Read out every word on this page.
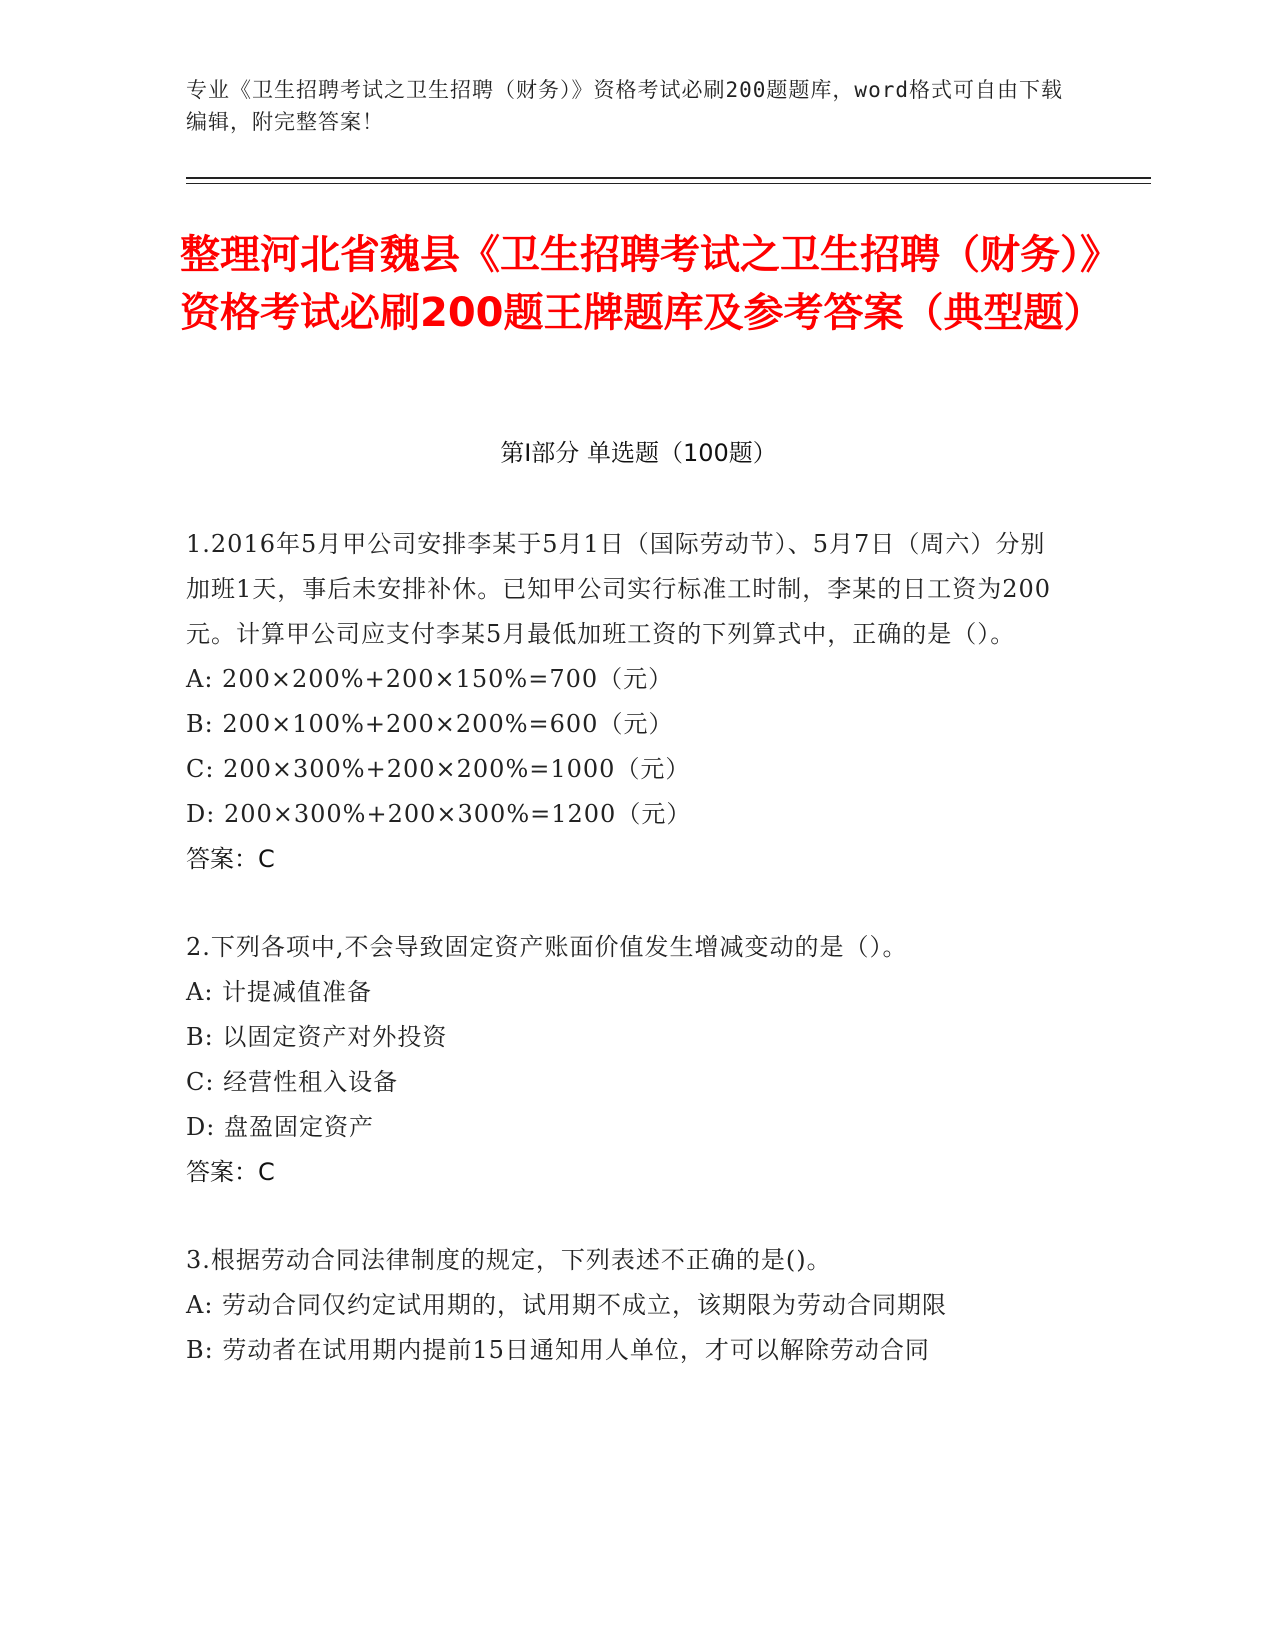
专业《卫生招聘考试之卫生招聘（财务）》资格考试必刷200题题库，word格式可自由下载编辑，附完整答案！
整理河北省魏县《卫生招聘考试之卫生招聘（财务）》资格考试必刷200题王牌题库及参考答案（典型题）
第Ⅰ部分 单选题（100题）

1.2016年5月甲公司安排李某于5月1日（国际劳动节）、5月7日（周六）分别加班1天，事后未安排补休。已知甲公司实行标准工时制，李某的日工资为200元。计算甲公司应支付李某5月最低加班工资的下列算式中，正确的是（）。

A: 200×200%+200×150%=700（元）

B: 200×100%+200×200%=600（元）

C: 200×300%+200×200%=1000（元）

D: 200×300%+200×300%=1200（元）

答案：C

2.下列各项中,不会导致固定资产账面价值发生增减变动的是（）。

A: 计提减值准备

B: 以固定资产对外投资

C: 经营性租入设备

D: 盘盈固定资产

答案：C

3.根据劳动合同法律制度的规定，下列表述不正确的是()。

A: 劳动合同仅约定试用期的，试用期不成立，该期限为劳动合同期限

B: 劳动者在试用期内提前15日通知用人单位，才可以解除劳动合同
